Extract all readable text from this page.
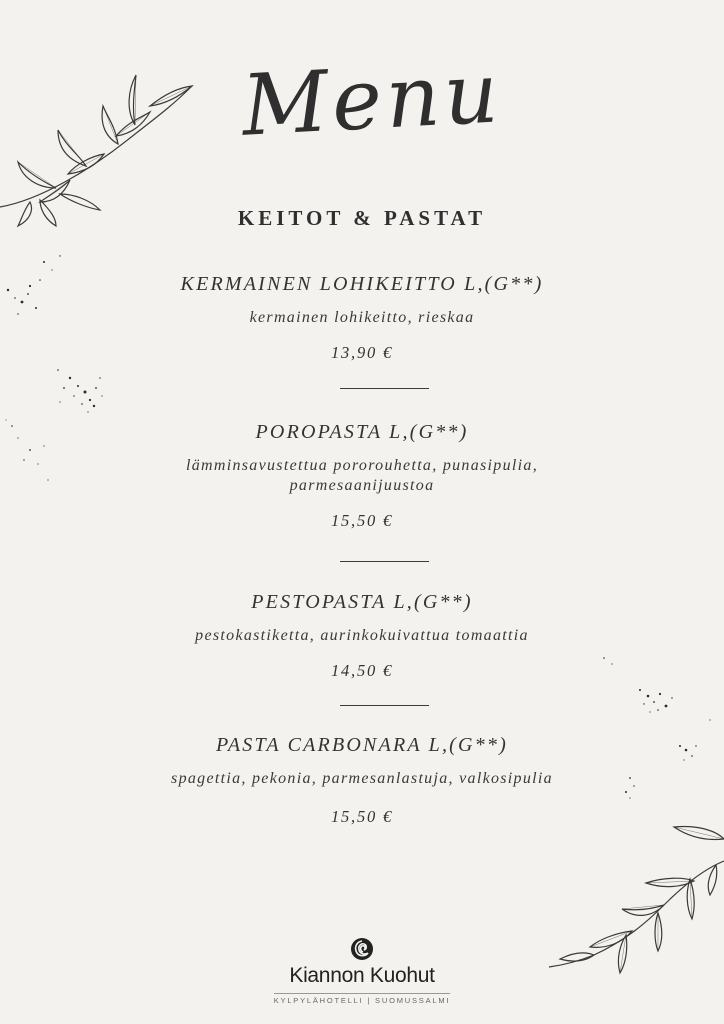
Menu
KEITOT & PASTAT
KERMAINEN LOHIKEITTO L,(G**)
kermainen lohikeitto, rieskaa
13,90 €
POROPASTA L,(G**)
lämminsavustettua pororouhetta, punasipulia,
parmesaanijuustoa
15,50 €
PESTOPASTA L,(G**)
pestokastiketta, aurinkokuivattua tomaattia
14,50 €
PASTA CARBONARA L,(G**)
spagettia, pekonia, parmesanlastuja, valkosipulia
15,50 €
Kiannon Kuohut
KYLPYLÄHOTELLI | SUOMUSSALMI
